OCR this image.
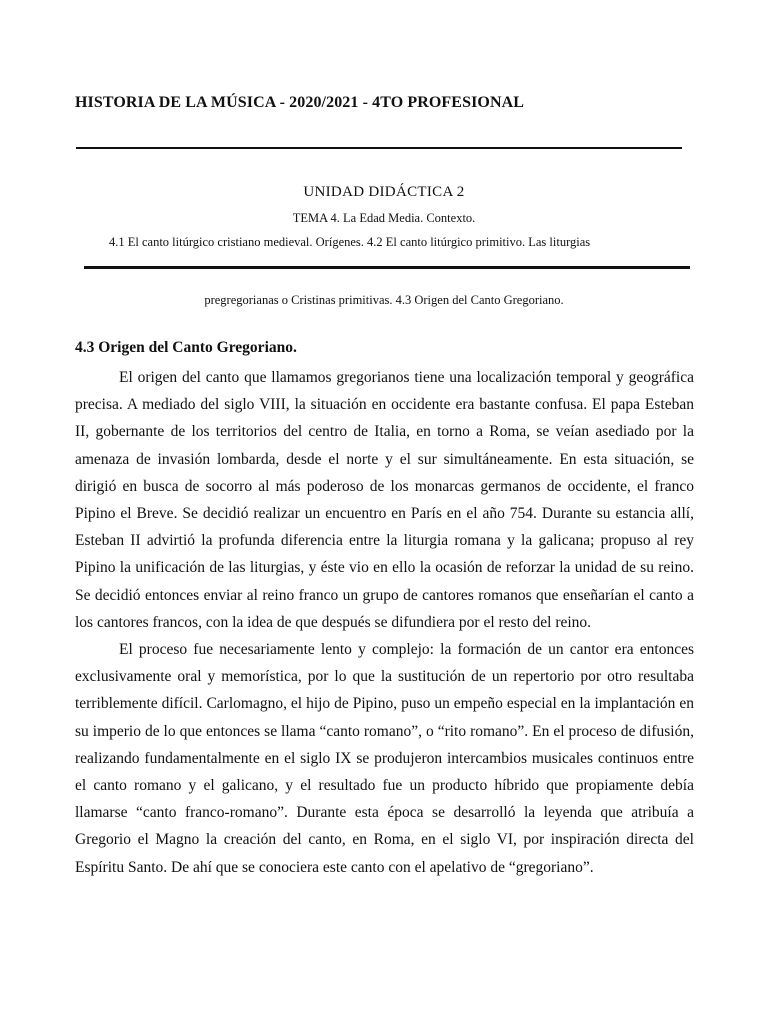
HISTORIA DE LA MÚSICA - 2020/2021 - 4TO PROFESIONAL
UNIDAD DIDÁCTICA 2
TEMA 4. La Edad Media. Contexto.
4.1 El canto litúrgico cristiano medieval. Orígenes. 4.2 El canto litúrgico primitivo. Las liturgias
pregregorianas o Cristinas primitivas. 4.3 Origen del Canto Gregoriano.
4.3 Origen del Canto Gregoriano.

El origen del canto que llamamos gregorianos tiene una localización temporal y geográfica precisa. A mediado del siglo VIII, la situación en occidente era bastante confusa. El papa Esteban II, gobernante de los territorios del centro de Italia, en torno a Roma, se veían asediado por la amenaza de invasión lombarda, desde el norte y el sur simultáneamente. En esta situación, se dirigió en busca de socorro al más poderoso de los monarcas germanos de occidente, el franco Pipino el Breve. Se decidió realizar un encuentro en París en el año 754. Durante su estancia allí, Esteban II advirtió la profunda diferencia entre la liturgia romana y la galicana; propuso al rey Pipino la unificación de las liturgias, y éste vio en ello la ocasión de reforzar la unidad de su reino. Se decidió entonces enviar al reino franco un grupo de cantores romanos que enseñarían el canto a los cantores francos, con la idea de que después se difundiera por el resto del reino.

El proceso fue necesariamente lento y complejo: la formación de un cantor era entonces exclusivamente oral y memorística, por lo que la sustitución de un repertorio por otro resultaba terriblemente difícil. Carlomagno, el hijo de Pipino, puso un empeño especial en la implantación en su imperio de lo que entonces se llama “canto romano”, o “rito romano”. En el proceso de difusión, realizando fundamentalmente en el siglo IX se produjeron intercambios musicales continuos entre el canto romano y el galicano, y el resultado fue un producto híbrido que propiamente debía llamarse “canto franco-romano”. Durante esta época se desarrolló la leyenda que atribuía a Gregorio el Magno la creación del canto, en Roma, en el siglo VI, por inspiración directa del Espíritu Santo. De ahí que se conociera este canto con el apelativo de “gregoriano”.
